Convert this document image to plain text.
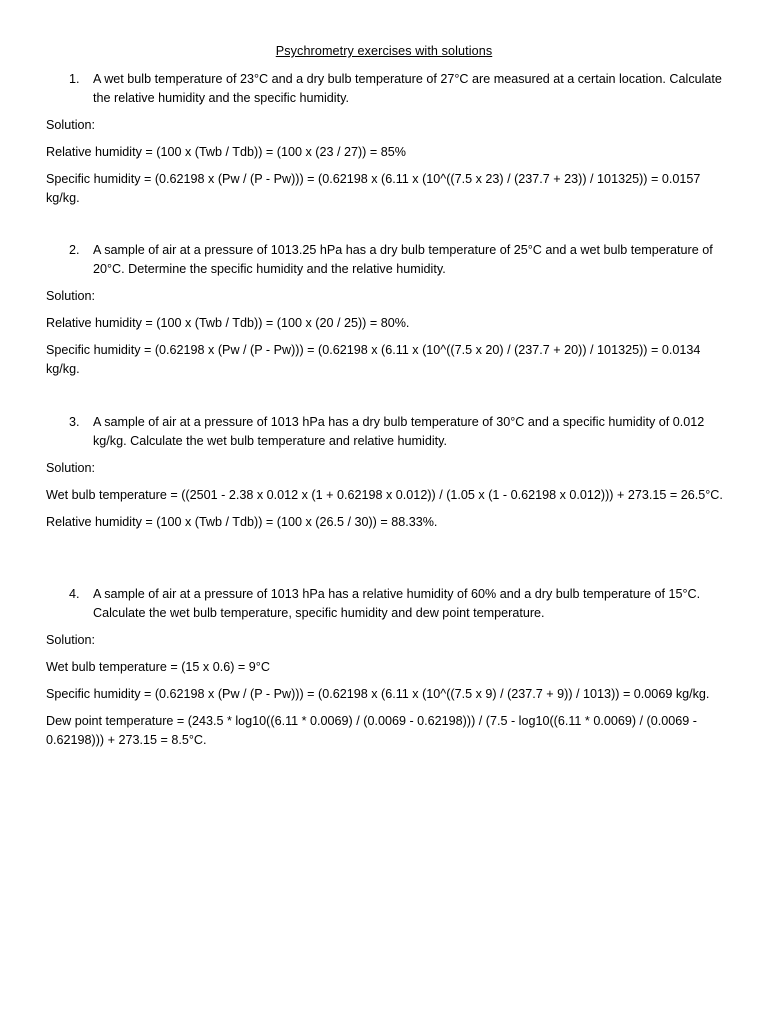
Psychrometry exercises with solutions
1. A wet bulb temperature of 23°C and a dry bulb temperature of 27°C are measured at a certain location. Calculate the relative humidity and the specific humidity.
Solution:
Relative humidity = (100 x (Twb / Tdb)) = (100 x (23 / 27)) = 85%
Specific humidity = (0.62198 x (Pw / (P - Pw))) = (0.62198 x (6.11 x (10^((7.5 x 23) / (237.7 + 23)) / 101325)) = 0.0157 kg/kg.
2. A sample of air at a pressure of 1013.25 hPa has a dry bulb temperature of 25°C and a wet bulb temperature of 20°C. Determine the specific humidity and the relative humidity.
Solution:
Relative humidity = (100 x (Twb / Tdb)) = (100 x (20 / 25)) = 80%.
Specific humidity = (0.62198 x (Pw / (P - Pw))) = (0.62198 x (6.11 x (10^((7.5 x 20) / (237.7 + 20)) / 101325)) = 0.0134 kg/kg.
3. A sample of air at a pressure of 1013 hPa has a dry bulb temperature of 30°C and a specific humidity of 0.012 kg/kg. Calculate the wet bulb temperature and relative humidity.
Solution:
Wet bulb temperature = ((2501 - 2.38 x 0.012 x (1 + 0.62198 x 0.012)) / (1.05 x (1 - 0.62198 x 0.012))) + 273.15 = 26.5°C.
Relative humidity = (100 x (Twb / Tdb)) = (100 x (26.5 / 30)) = 88.33%.
4. A sample of air at a pressure of 1013 hPa has a relative humidity of 60% and a dry bulb temperature of 15°C. Calculate the wet bulb temperature, specific humidity and dew point temperature.
Solution:
Wet bulb temperature = (15 x 0.6) = 9°C
Specific humidity = (0.62198 x (Pw / (P - Pw))) = (0.62198 x (6.11 x (10^((7.5 x 9) / (237.7 + 9)) / 1013)) = 0.0069 kg/kg.
Dew point temperature = (243.5 * log10((6.11 * 0.0069) / (0.0069 - 0.62198))) / (7.5 - log10((6.11 * 0.0069) / (0.0069 - 0.62198))) + 273.15 = 8.5°C.
